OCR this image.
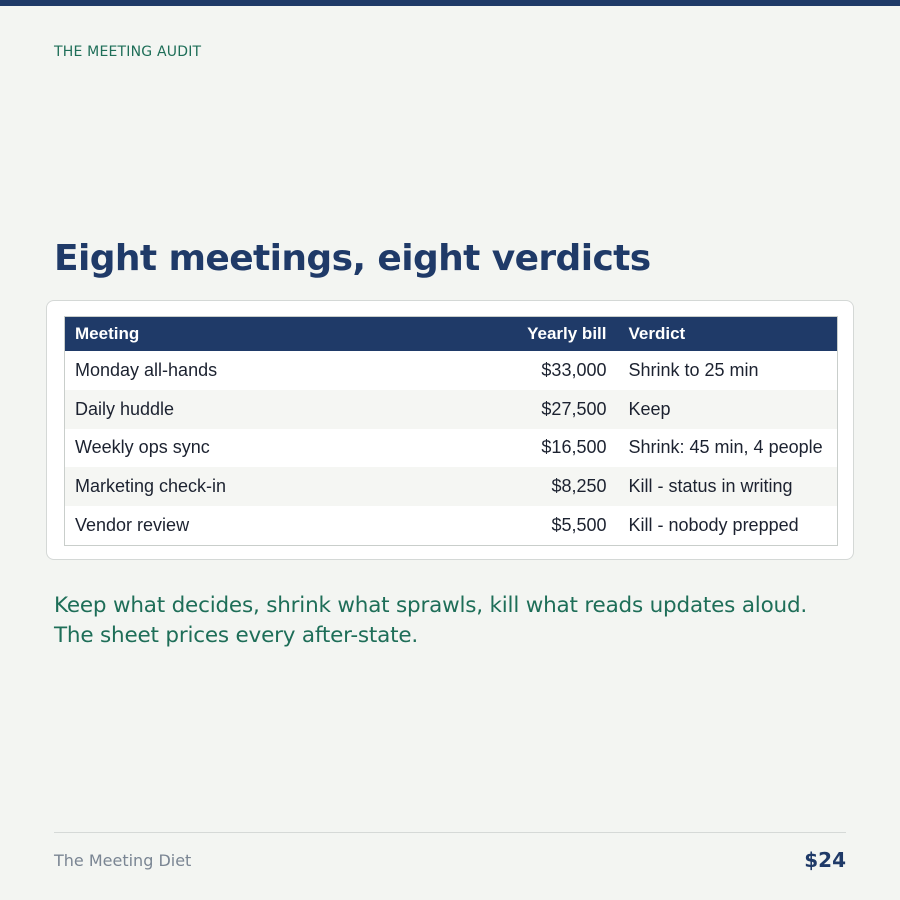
THE MEETING AUDIT
Eight meetings, eight verdicts
Meeting	Yearly bill	Verdict
Monday all-hands	$33,000	Shrink to 25 min
Daily huddle	$27,500	Keep
Weekly ops sync	$16,500	Shrink: 45 min, 4 people
Marketing check-in	$8,250	Kill - status in writing
Vendor review	$5,500	Kill - nobody prepped

Keep what decides, shrink what sprawls, kill what reads updates aloud. The sheet prices every after-state.

The Meeting Diet	$24
